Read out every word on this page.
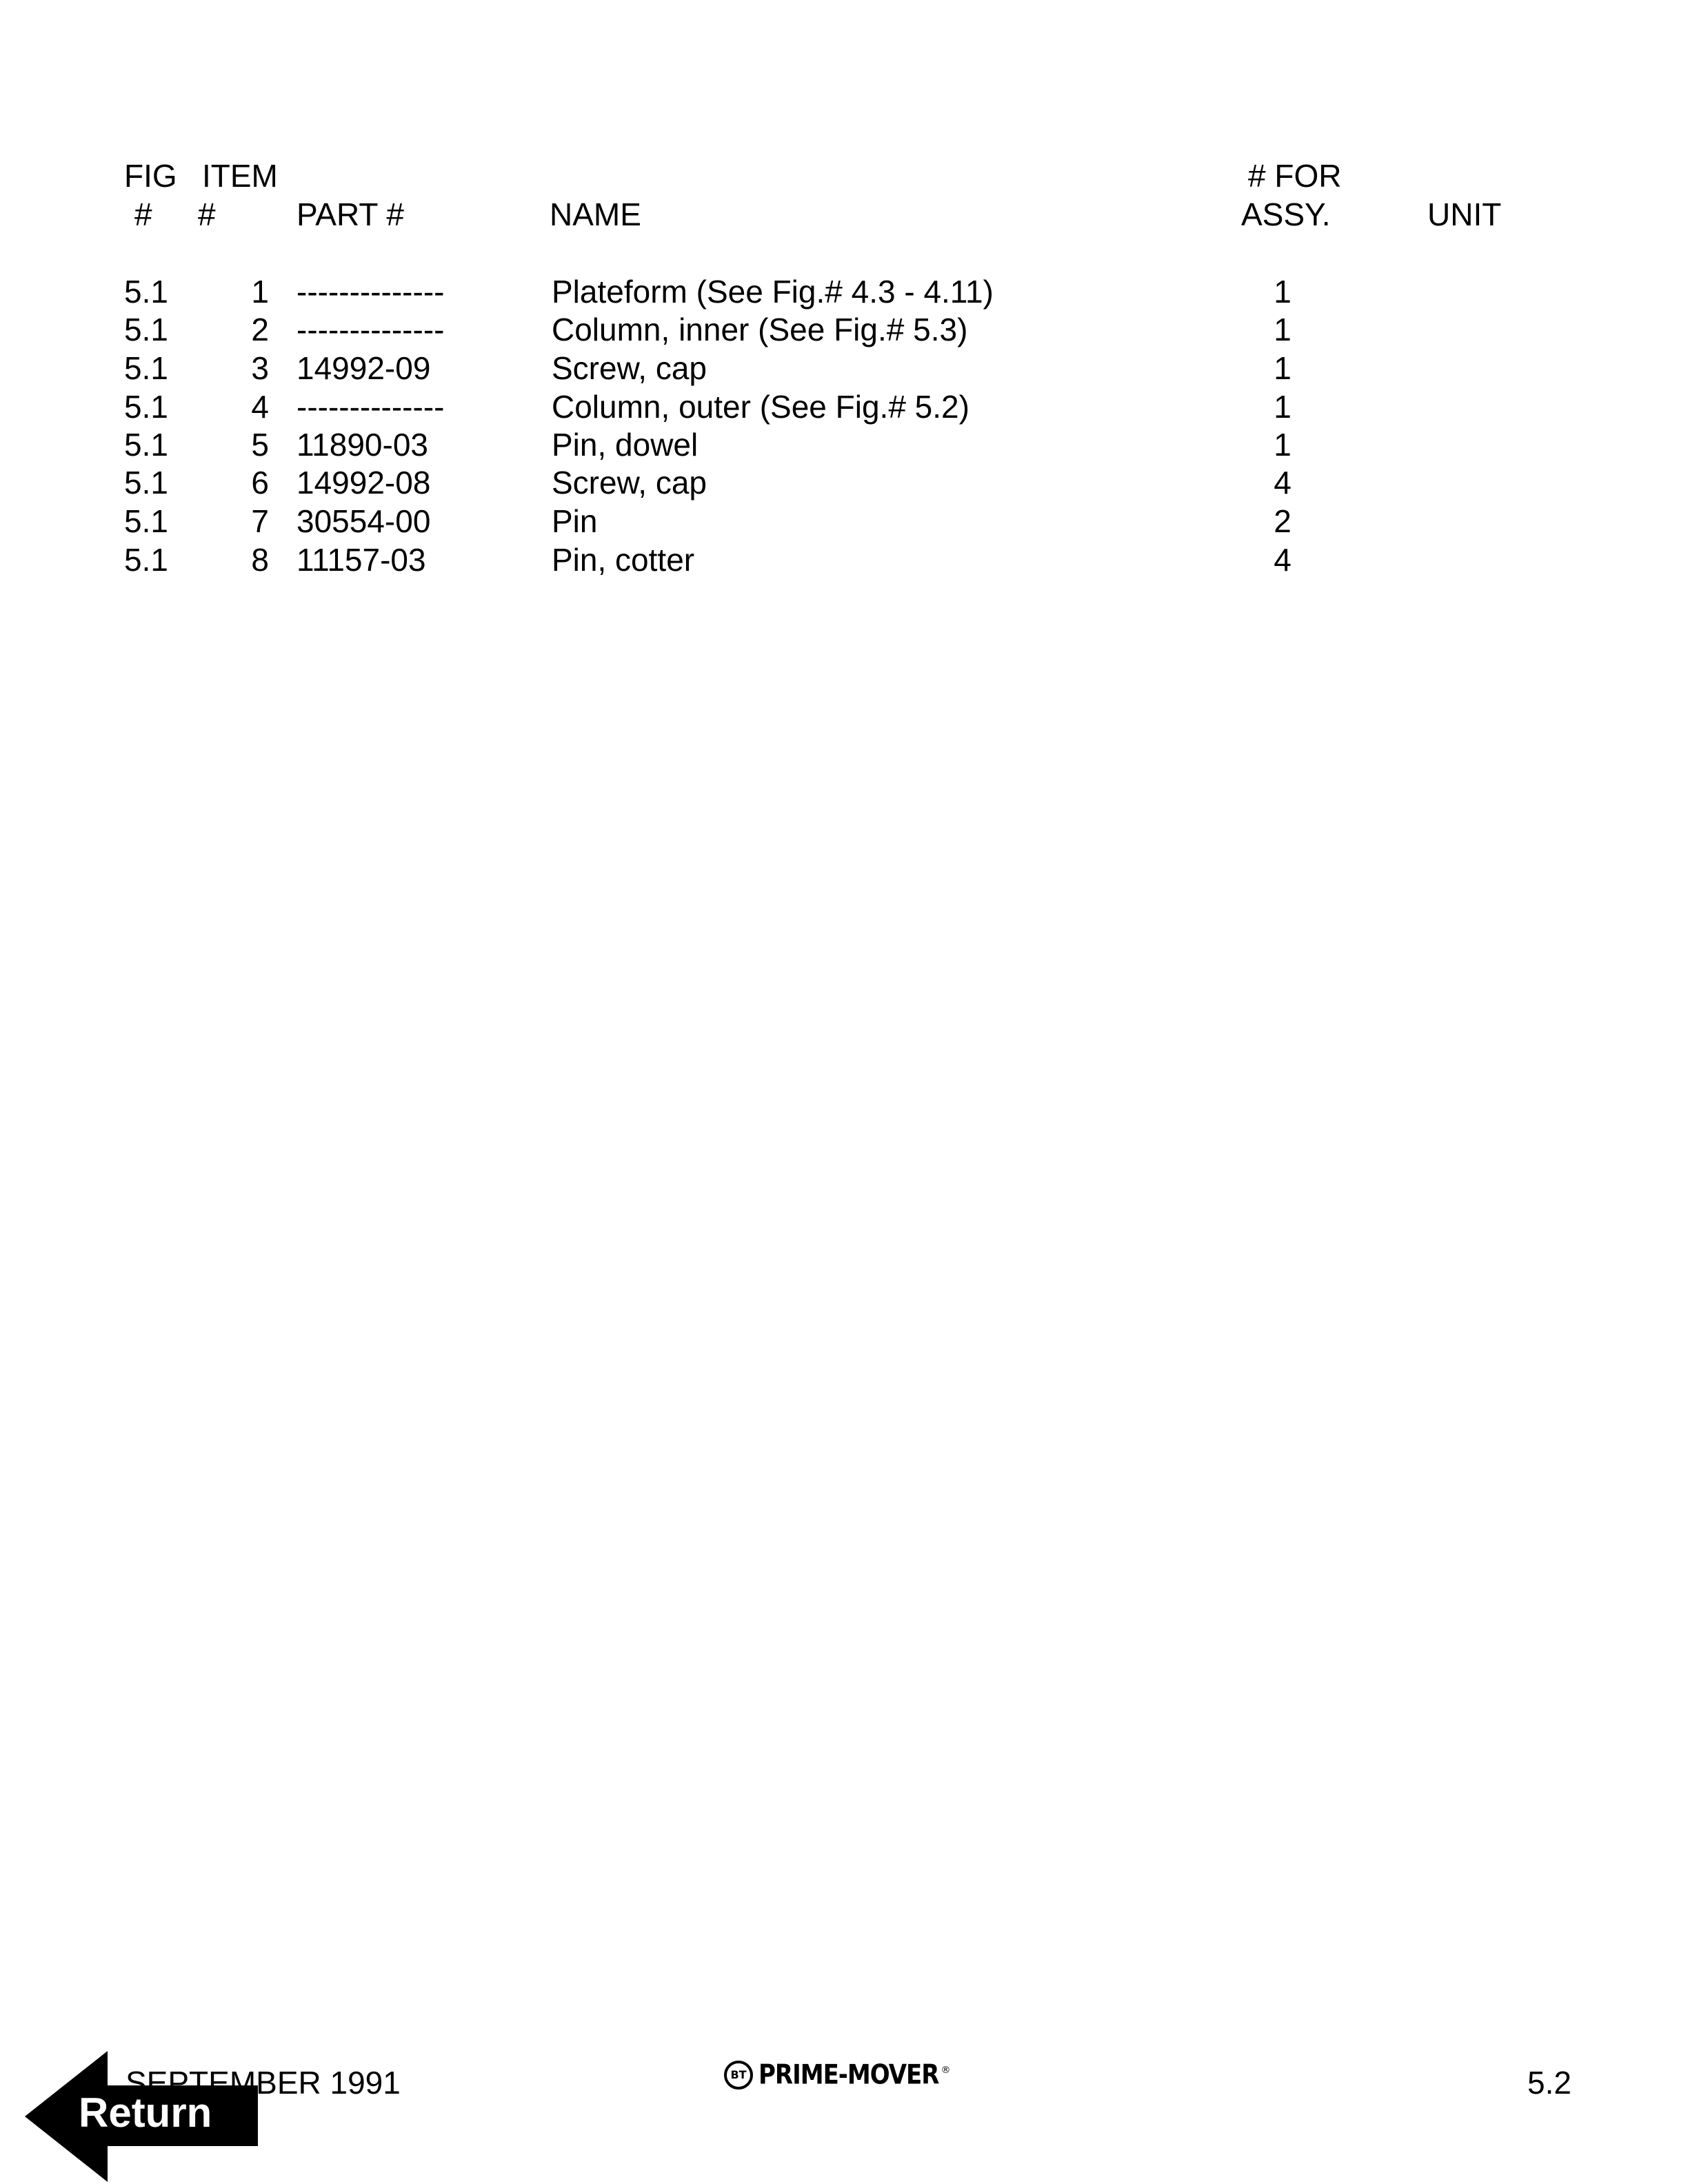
FIG ITEM	# FOR
# #	PART #	NAME	ASSY.	UNIT
5.1	1 --------------	Plateform (See Fig.# 4.3 - 4.11)	1
5.1	2 --------------	Column, inner (See Fig.# 5.3)	1
5.1	3 14992-09	Screw, cap	1
5.1	4 --------------	Column, outer (See Fig.# 5.2)	1
5.1	5 11890-03	Pin, dowel	1
5.1	6 14992-08	Screw, cap	4
5.1	7 30554-00	Pin	2
5.1	8 11157-03	Pin, cotter	4
SEPTEMBER 1991	BT PRIME-MOVER ®	5.2
Return
